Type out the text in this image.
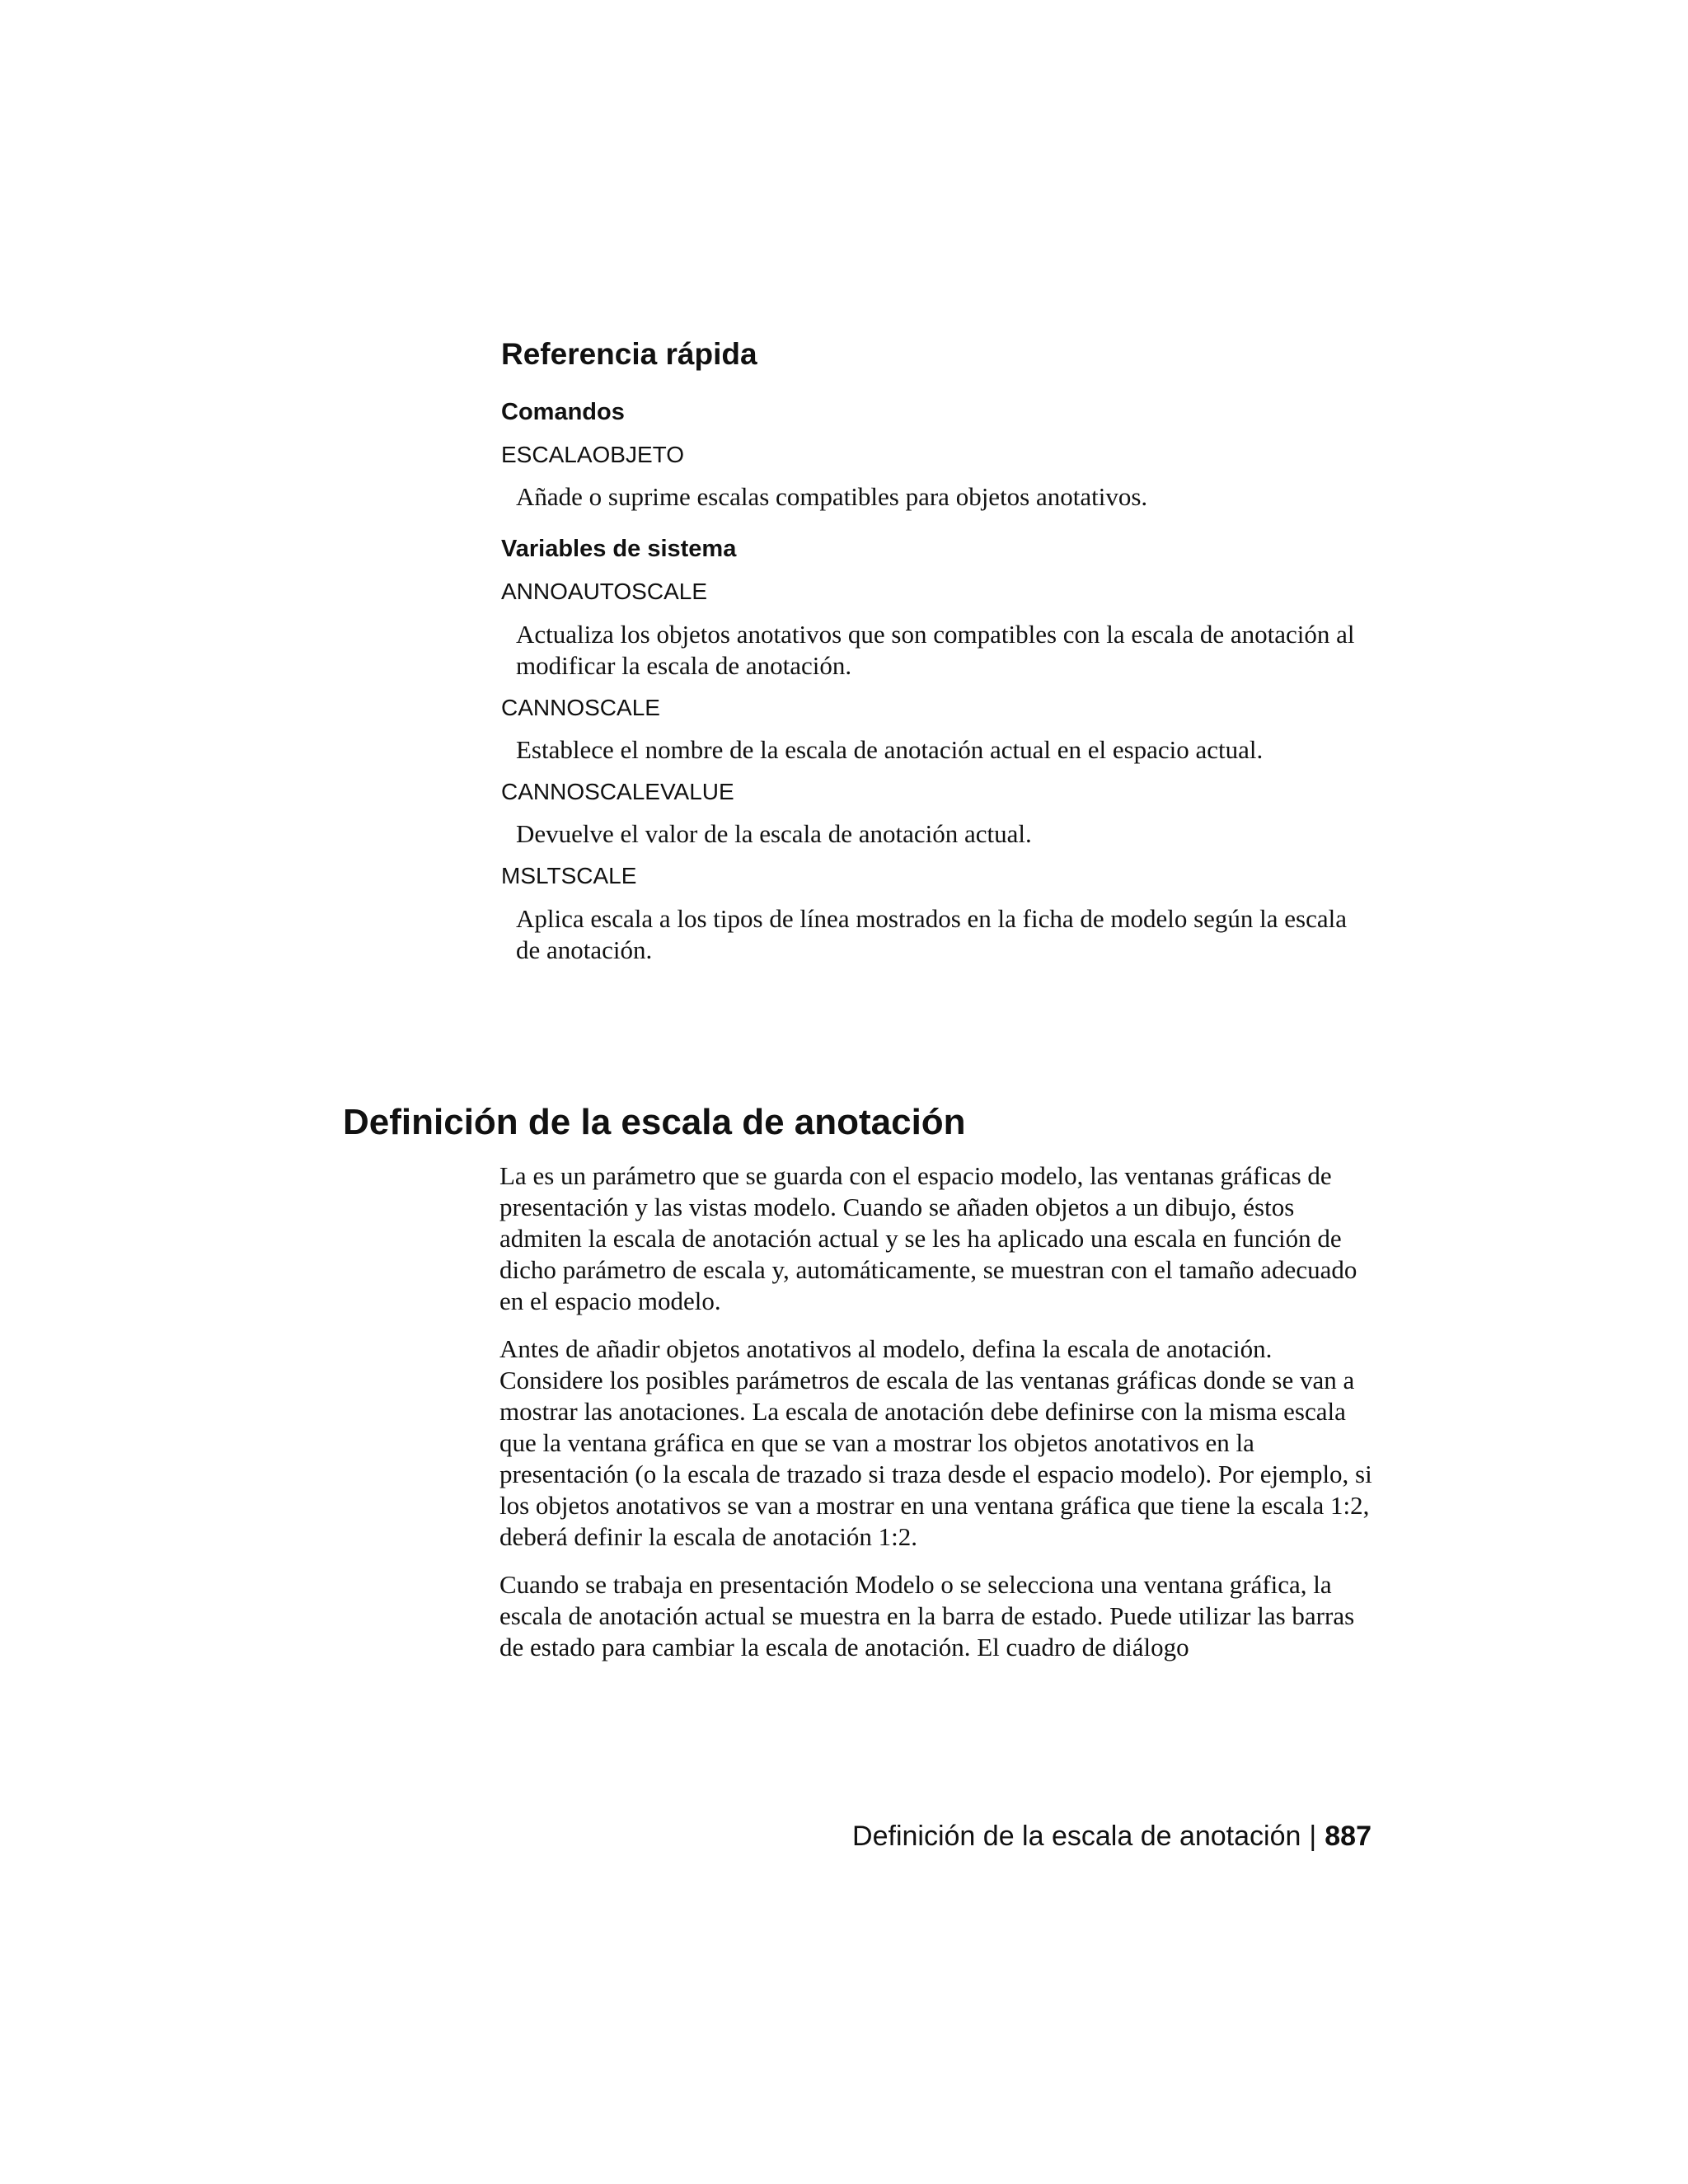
Referencia rápida
Comandos
ESCALAOBJETO
Añade o suprime escalas compatibles para objetos anotativos.
Variables de sistema
ANNOAUTOSCALE
Actualiza los objetos anotativos que son compatibles con la escala de anotación al modificar la escala de anotación.
CANNOSCALE
Establece el nombre de la escala de anotación actual en el espacio actual.
CANNOSCALEVALUE
Devuelve el valor de la escala de anotación actual.
MSLTSCALE
Aplica escala a los tipos de línea mostrados en la ficha de modelo según la escala de anotación.
Definición de la escala de anotación

La es un parámetro que se guarda con el espacio modelo, las ventanas gráficas de presentación y las vistas modelo. Cuando se añaden objetos a un dibujo, éstos admiten la escala de anotación actual y se les ha aplicado una escala en función de dicho parámetro de escala y, automáticamente, se muestran con el tamaño adecuado en el espacio modelo.

Antes de añadir objetos anotativos al modelo, defina la escala de anotación. Considere los posibles parámetros de escala de las ventanas gráficas donde se van a mostrar las anotaciones. La escala de anotación debe definirse con la misma escala que la ventana gráfica en que se van a mostrar los objetos anotativos en la presentación (o la escala de trazado si traza desde el espacio modelo). Por ejemplo, si los objetos anotativos se van a mostrar en una ventana gráfica que tiene la escala 1:2, deberá definir la escala de anotación 1:2.

Cuando se trabaja en presentación Modelo o se selecciona una ventana gráfica, la escala de anotación actual se muestra en la barra de estado. Puede utilizar las barras de estado para cambiar la escala de anotación. El cuadro de diálogo

Definición de la escala de anotación | 887
